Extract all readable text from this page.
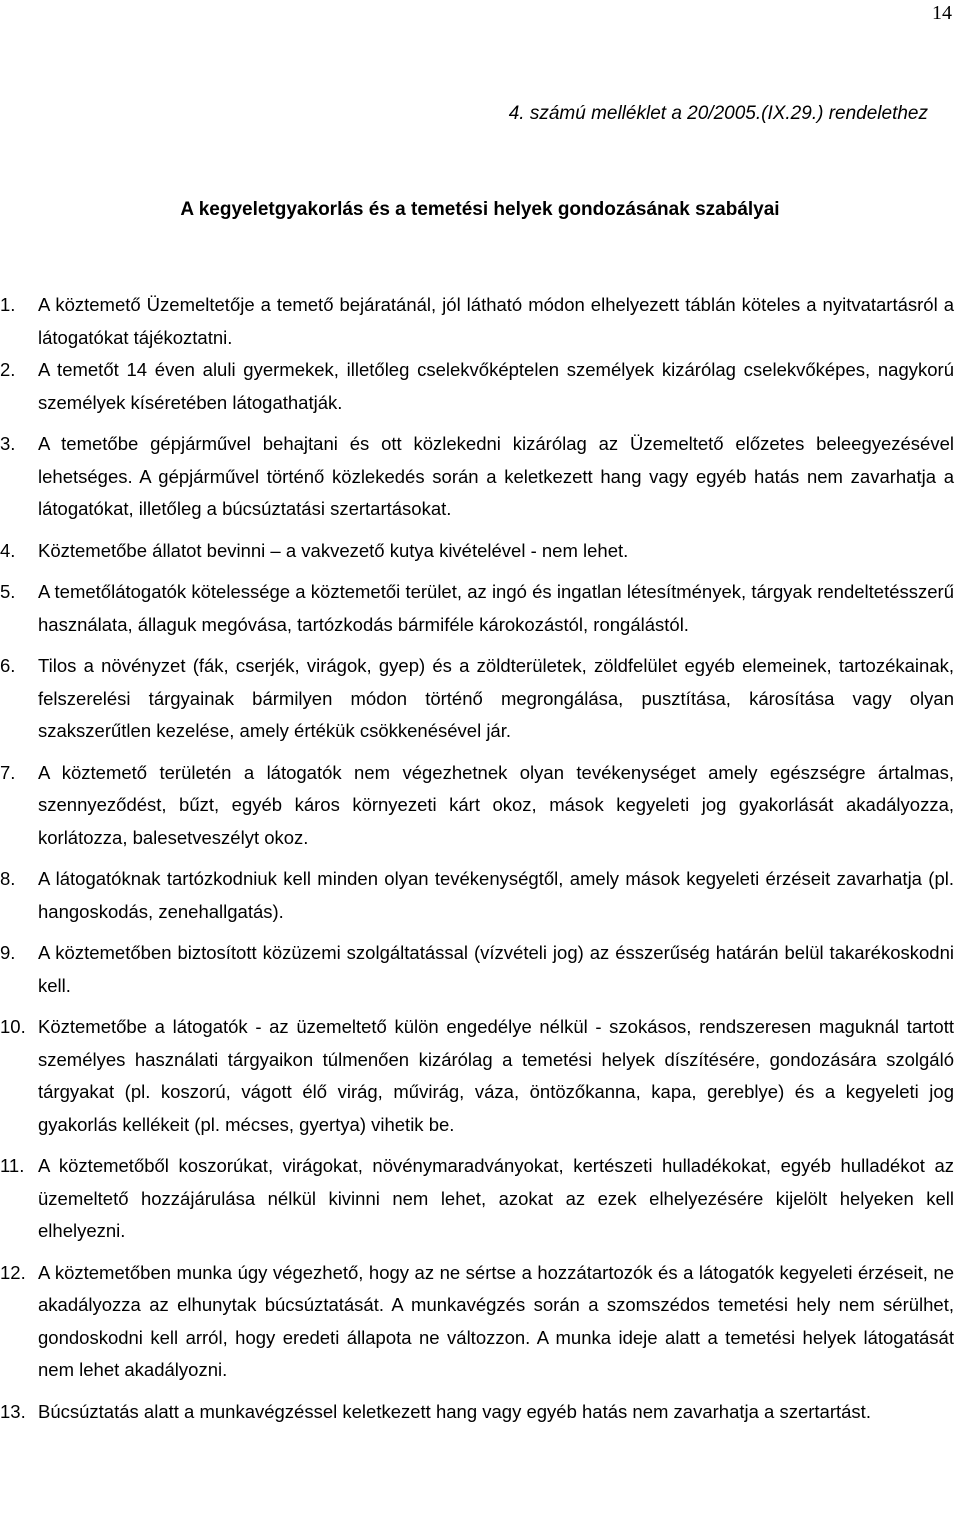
14
4. számú melléklet a 20/2005.(IX.29.) rendelethez
A kegyeletgyakorlás és a temetési helyek gondozásának szabályai
1.	A köztemető Üzemeltetője a temető bejáratánál, jól látható módon elhelyezett táblán köteles a nyitvatartásról a látogatókat tájékoztatni.
2.	A temetőt 14 éven aluli gyermekek, illetőleg cselekvőképtelen személyek kizárólag cselekvőképes, nagykorú személyek kíséretében látogathatják.
3.	A temetőbe gépjárművel behajtani és ott közlekedni kizárólag az Üzemeltető előzetes beleegyezésével lehetséges. A gépjárművel történő közlekedés során a keletkezett hang vagy egyéb hatás nem zavarhatja a látogatókat, illetőleg a búcsúztatási szertartásokat.
4.	Köztemetőbe állatot bevinni – a vakvezető kutya kivételével - nem lehet.
5.	A temetőlátogatók kötelessége a köztemetői terület, az ingó és ingatlan létesítmények, tárgyak rendeltetésszerű használata, állaguk megóvása, tartózkodás bármiféle károkozástól, rongálástól.
6.	Tilos a növényzet (fák, cserjék, virágok, gyep) és a zöldterületek, zöldfelület egyéb elemeinek, tartozékainak, felszerelési tárgyainak bármilyen módon történő megrongálása, pusztítása, károsítása vagy olyan szakszerűtlen kezelése, amely értékük csökkenésével jár.
7.	A köztemető területén a látogatók nem végezhetnek olyan tevékenységet amely egészségre ártalmas, szennyeződést, bűzt, egyéb káros környezeti kárt okoz, mások kegyeleti jog gyakorlását akadályozza, korlátozza, balesetveszélyt okoz.
8.	A látogatóknak tartózkodniuk kell minden olyan tevékenységtől, amely mások kegyeleti érzéseit zavarhatja (pl. hangoskodás, zenehallgatás).
9.	A köztemetőben biztosított közüzemi szolgáltatással (vízvételi jog) az ésszerűség határán belül takarékoskodni kell.
10. Köztemetőbe a látogatók - az üzemeltető külön engedélye nélkül - szokásos, rendszeresen maguknál tartott személyes használati tárgyaikon túlmenően kizárólag a temetési helyek díszítésére, gondozására szolgáló tárgyakat (pl. koszorú, vágott élő virág, művirág, váza, öntözőkanna, kapa, gereblye) és a kegyeleti jog gyakorlás kellékeit (pl. mécses, gyertya) vihetik be.
11. A köztemetőből koszorúkat, virágokat, növénymaradványokat, kertészeti hulladékokat, egyéb hulladékot az üzemeltető hozzájárulása nélkül kivinni nem lehet, azokat az ezek elhelyezésére kijelölt helyeken kell elhelyezni.
12. A köztemetőben munka úgy végezhető, hogy az ne sértse a hozzátartozók és a látogatók kegyeleti érzéseit, ne akadályozza az elhunytak búcsúztatását. A munkavégzés során a szomszédos temetési hely nem sérülhet, gondoskodni kell arról, hogy eredeti állapota ne változzon. A munka ideje alatt a temetési helyek látogatását nem lehet akadályozni.
13. Búcsúztatás alatt a munkavégzéssel keletkezett hang vagy egyéb hatás nem zavarhatja a szertartást.
